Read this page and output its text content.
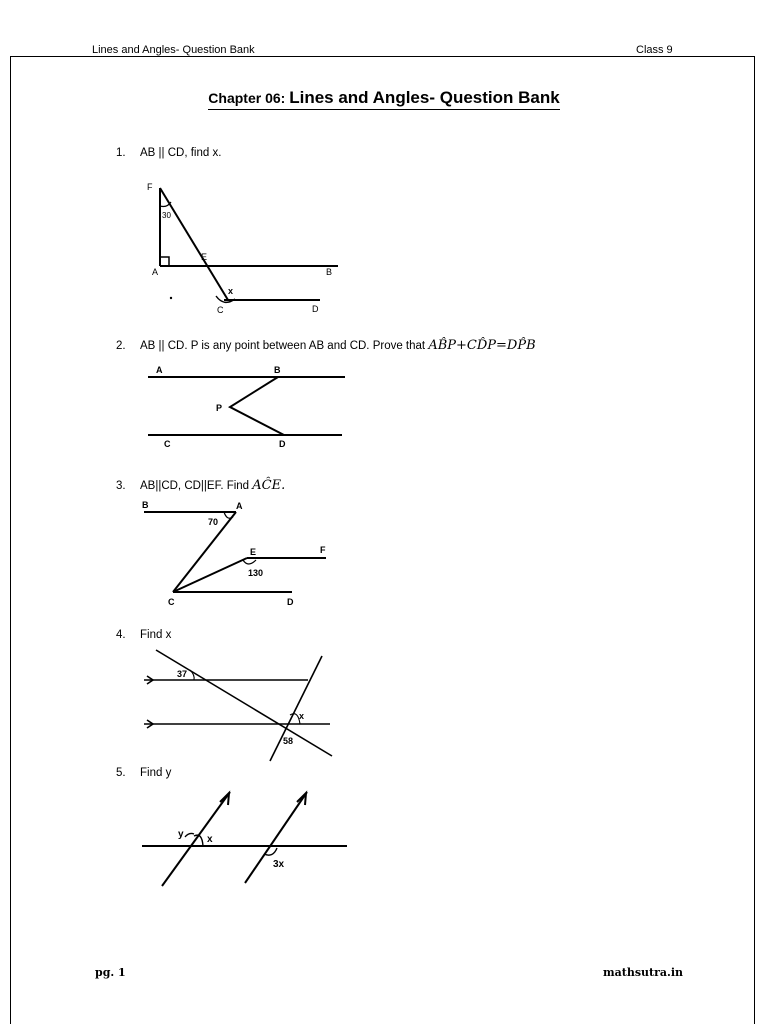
Lines and Angles- Question Bank	Class 9
Chapter 06: Lines and Angles- Question Bank
1. AB || CD, find x.
F
30
E
A	B
C	D
x
2. AB || CD. P is any point between AB and CD. Prove that AB̂P+CD̂P=DP̂B
A	B
P
C	D
3. AB||CD, CD||EF. Find AĈE.
B	A
70
E	F
130
C	D
4. Find x
37
x
58
5. Find y
y x
3x
pg. 1	mathsutra.in
